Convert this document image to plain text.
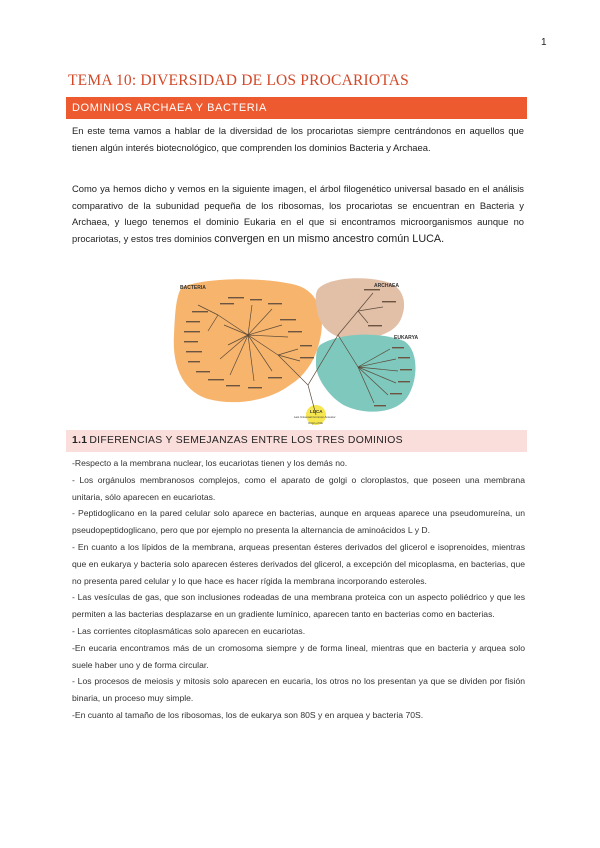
1
TEMA 10: DIVERSIDAD DE LOS PROCARIOTAS
DOMINIOS ARCHAEA Y BACTERIA

En este tema vamos a hablar de la diversidad de los procariotas siempre centrándonos en aquellos que tienen algún interés biotecnológico, que comprenden los dominios Bacteria y Archaea.

Como ya hemos dicho y vemos en la siguiente imagen, el árbol filogenético universal basado en el análisis comparativo de la subunidad pequeña de los ribosomas, los procariotas se encuentran en Bacteria y Archaea, y luego tenemos el dominio Eukaria en el que si encontramos microorganismos aunque no procariotas, y estos tres dominios convergen en un mismo ancestro común LUCA.

BACTERIA	ARCHAEA
EUKARYA
LUCA
Last Universal Common Ancestor
Origin of life
1.1 DIFERENCIAS Y SEMEJANZAS ENTRE LOS TRES DOMINIOS

-Respecto a la membrana nuclear, los eucariotas tienen y los demás no.

- Los orgánulos membranosos complejos, como el aparato de golgi o cloroplastos, que poseen una membrana unitaria, sólo aparecen en eucariotas.

- Peptidoglicano en la pared celular solo aparece en bacterias, aunque en arqueas aparece una pseudomureína, un pseudopeptidoglicano, pero que por ejemplo no presenta la alternancia de aminoácidos L y D.

- En cuanto a los lípidos de la membrana, arqueas presentan ésteres derivados del glicerol e isoprenoides, mientras que en eukarya y bacteria solo aparecen ésteres derivados del glicerol, a excepción del micoplasma, en bacterias, que no presenta pared celular y lo que hace es hacer rígida la membrana incorporando esteroles.

- Las vesículas de gas, que son inclusiones rodeadas de una membrana proteica con un aspecto poliédrico y que les permiten a las bacterias desplazarse en un gradiente lumínico, aparecen tanto en bacterias como en bacterias.

- Las corrientes citoplasmáticas solo aparecen en eucariotas.

-En eucaria encontramos más de un cromosoma siempre y de forma lineal, mientras que en bacteria y arquea solo suele haber uno y de forma circular.

- Los procesos de meiosis y mitosis solo aparecen en eucaria, los otros no los presentan ya que se dividen por fisión binaria, un proceso muy simple.

-En cuanto al tamaño de los ribosomas, los de eukarya son 80S y en arquea y bacteria 70S.
